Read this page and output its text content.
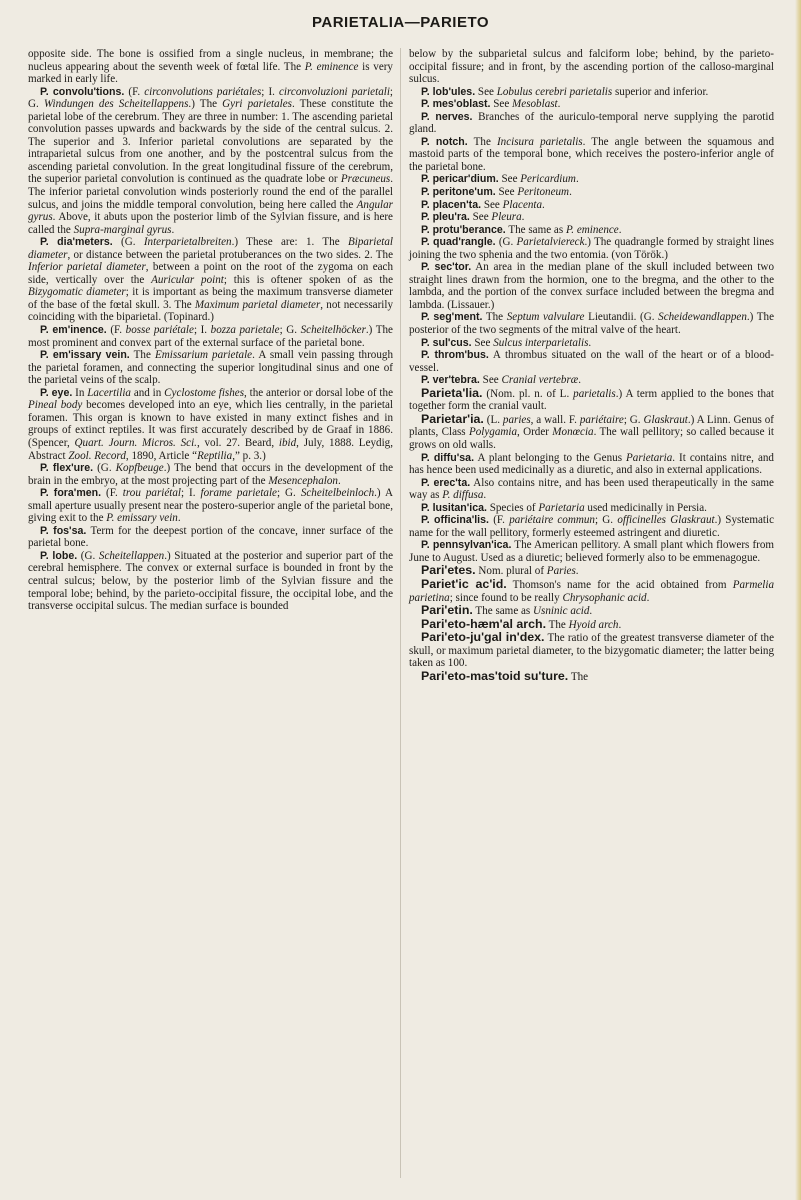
PARIETALIA—PARIETO

opposite side. The bone is ossified from a single nucleus, in membrane; the nucleus appearing about the seventh week of fœtal life. The P. eminence is very marked in early life.

P. convolu'tions. (F. circonvolutions pariétales; I. circonvoluzioni parietali; G. Windungen des Scheitellappens.) The Gyri parietales. These constitute the parietal lobe of the cerebrum. They are three in number: 1. The ascending parietal convolution passes upwards and backwards by the side of the central sulcus. 2. The superior and 3. Inferior parietal convolutions are separated by the intraparietal sulcus from one another, and by the postcentral sulcus from the ascending parietal convolution. In the great longitudinal fissure of the cerebrum, the superior parietal convolution is continued as the quadrate lobe or Præcuneus. The inferior parietal convolution winds posteriorly round the end of the parallel sulcus, and joins the middle temporal convolution, being here called the Angular gyrus. Above, it abuts upon the posterior limb of the Sylvian fissure, and is here called the Supra-marginal gyrus.

P. dia'meters. (G. Interparietalbreiten.) These are: 1. The Biparietal diameter, or distance between the parietal protuberances on the two sides. 2. The Inferior parietal diameter, between a point on the root of the zygoma on each side, vertically over the Auricular point; this is oftener spoken of as the Bizygomatic diameter; it is important as being the maximum transverse diameter of the base of the fœtal skull. 3. The Maximum parietal diameter, not necessarily coinciding with the biparietal. (Topinard.)

P. em'inence. (F. bosse pariétale; I. bozza parietale; G. Scheitelhöcker.) The most prominent and convex part of the external surface of the parietal bone.

P. em'issary vein. The Emissarium parietale. A small vein passing through the parietal foramen, and connecting the superior longitudinal sinus and one of the parietal veins of the scalp.

P. eye. In Lacertilia and in Cyclostome fishes, the anterior or dorsal lobe of the Pineal body becomes developed into an eye, which lies centrally, in the parietal foramen. This organ is known to have existed in many extinct fishes and in groups of extinct reptiles. It was first accurately described by de Graaf in 1886. (Spencer, Quart. Journ. Micros. Sci., vol. 27. Beard, ibid, July, 1888. Leydig, Abstract Zool. Record, 1890, Article “Reptilia,” p. 3.)

P. flex'ure. (G. Kopfbeuge.) The bend that occurs in the development of the brain in the embryo, at the most projecting part of the Mesencephalon.

P. fora'men. (F. trou pariétal; I. forame parietale; G. Scheitelbeinloch.) A small aperture usually present near the postero-superior angle of the parietal bone, giving exit to the P. emissary vein.

P. fos'sa. Term for the deepest portion of the concave, inner surface of the parietal bone.

P. lobe. (G. Scheitellappen.) Situated at the posterior and superior part of the cerebral hemisphere. The convex or external surface is bounded in front by the central sulcus; below, by the posterior limb of the Sylvian fissure and the temporal lobe; behind, by the parieto-occipital fissure, the occipital lobe, and the transverse occipital sulcus. The median surface is bounded

below by the subparietal sulcus and falciform lobe; behind, by the parieto-occipital fissure; and in front, by the ascending portion of the calloso-marginal sulcus.

P. lob'ules. See Lobulus cerebri parietalis superior and inferior.

P. mes'oblast. See Mesoblast.

P. nerves. Branches of the auriculo-temporal nerve supplying the parotid gland.

P. notch. The Incisura parietalis. The angle between the squamous and mastoid parts of the temporal bone, which receives the postero-inferior angle of the parietal bone.

P. pericar'dium. See Pericardium.

P. peritone'um. See Peritoneum.

P. placen'ta. See Placenta.

P. pleu'ra. See Pleura.

P. protu'berance. The same as P. eminence.

P. quad'rangle. (G. Parietalviereck.) The quadrangle formed by straight lines joining the two sphenia and the two entomia. (von Török.)

P. sec'tor. An area in the median plane of the skull included between two straight lines drawn from the hormion, one to the bregma, and the other to the lambda, and the portion of the convex surface included between the bregma and lambda. (Lissauer.)

P. seg'ment. The Septum valvulare Lieutandii. (G. Scheidewandlappen.) The posterior of the two segments of the mitral valve of the heart.

P. sul'cus. See Sulcus interparietalis.

P. throm'bus. A thrombus situated on the wall of the heart or of a blood-vessel.

P. ver'tebra. See Cranial vertebræ.

Parieta'lia. (Nom. pl. n. of L. parietalis.) A term applied to the bones that together form the cranial vault.

Parietar'ia. (L. paries, a wall. F. pariétaire; G. Glaskraut.) A Linn. Genus of plants, Class Polygamia, Order Monœcia. The wall pellitory; so called because it grows on old walls.

P. diffu'sa. A plant belonging to the Genus Parietaria. It contains nitre, and has hence been used medicinally as a diuretic, and also in external applications.

P. erec'ta. Also contains nitre, and has been used therapeutically in the same way as P. diffusa.

P. lusitan'ica. Species of Parietaria used medicinally in Persia.

P. officina'lis. (F. pariétaire commun; G. officinelles Glaskraut.) Systematic name for the wall pellitory, formerly esteemed astringent and diuretic.

P. pennsylvan'ica. The American pellitory. A small plant which flowers from June to August. Used as a diuretic; believed formerly also to be emmenagogue.

Pari'etes. Nom. plural of Paries.

Pariet'ic ac'id. Thomson's name for the acid obtained from Parmelia parietina; since found to be really Chrysophanic acid.

Pari'etin. The same as Usninic acid.

Pari'eto-hæm'al arch. The Hyoid arch.

Pari'eto-ju'gal in'dex. The ratio of the greatest transverse diameter of the skull, or maximum parietal diameter, to the bizygomatic diameter; the latter being taken as 100.

Pari'eto-mas'toid su'ture. The
